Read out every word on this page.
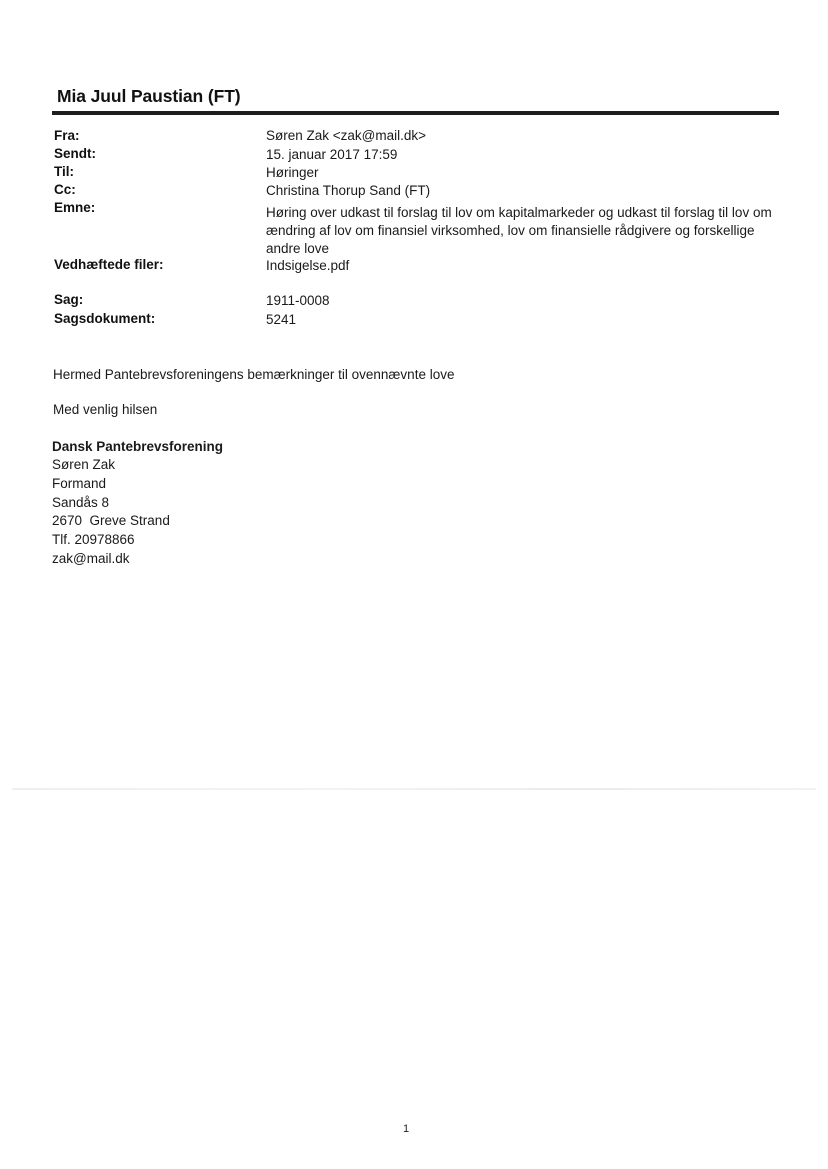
Mia Juul Paustian (FT)
Fra:	Søren Zak <zak@mail.dk>
Sendt:	15. januar 2017 17:59
Til:	Høringer
Cc:	Christina Thorup Sand (FT)
Emne:	Høring over udkast til forslag til lov om kapitalmarkeder og udkast til forslag til lov om ændring af lov om finansiel virksomhed, lov om finansielle rådgivere og forskellige andre love
Vedhæftede filer:	Indsigelse.pdf
Sag:	1911-0008
Sagsdokument:	5241
Hermed Pantebrevsforeningens bemærkninger til ovennævnte love
Med venlig hilsen
Dansk Pantebrevsforening
Søren Zak
Formand
Sandås 8
2670  Greve Strand
Tlf. 20978866
zak@mail.dk
1
